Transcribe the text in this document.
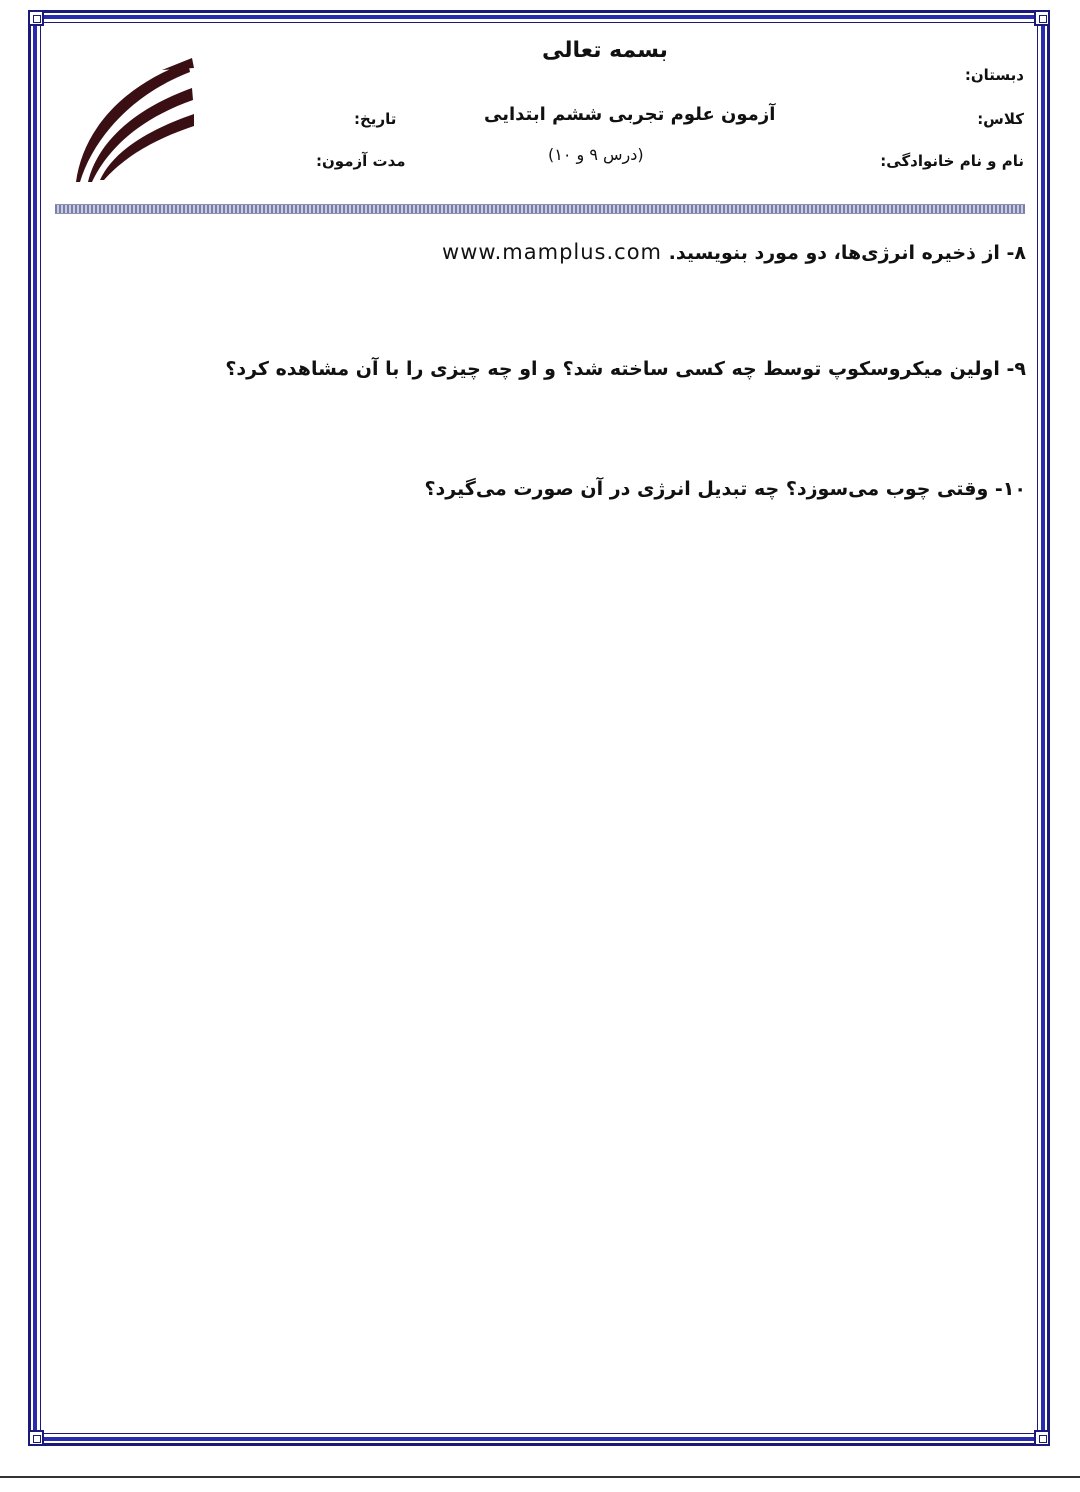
بسمه تعالی
دبستان:
کلاس:
نام و نام خانوادگی:
آزمون علوم تجربی ششم ابتدایی
(درس ۹ و ۱۰)
تاریخ:
مدت آزمون:
۸- از ذخیره انرژی‌ها، دو مورد بنویسید. www.mamplus.com
۹- اولین میکروسکوپ توسط چه کسی ساخته شد؟ و او چه چیزی را با آن مشاهده کرد؟
۱۰- وقتی چوب می‌سوزد؟ چه تبدیل انرژی در آن صورت می‌گیرد؟
